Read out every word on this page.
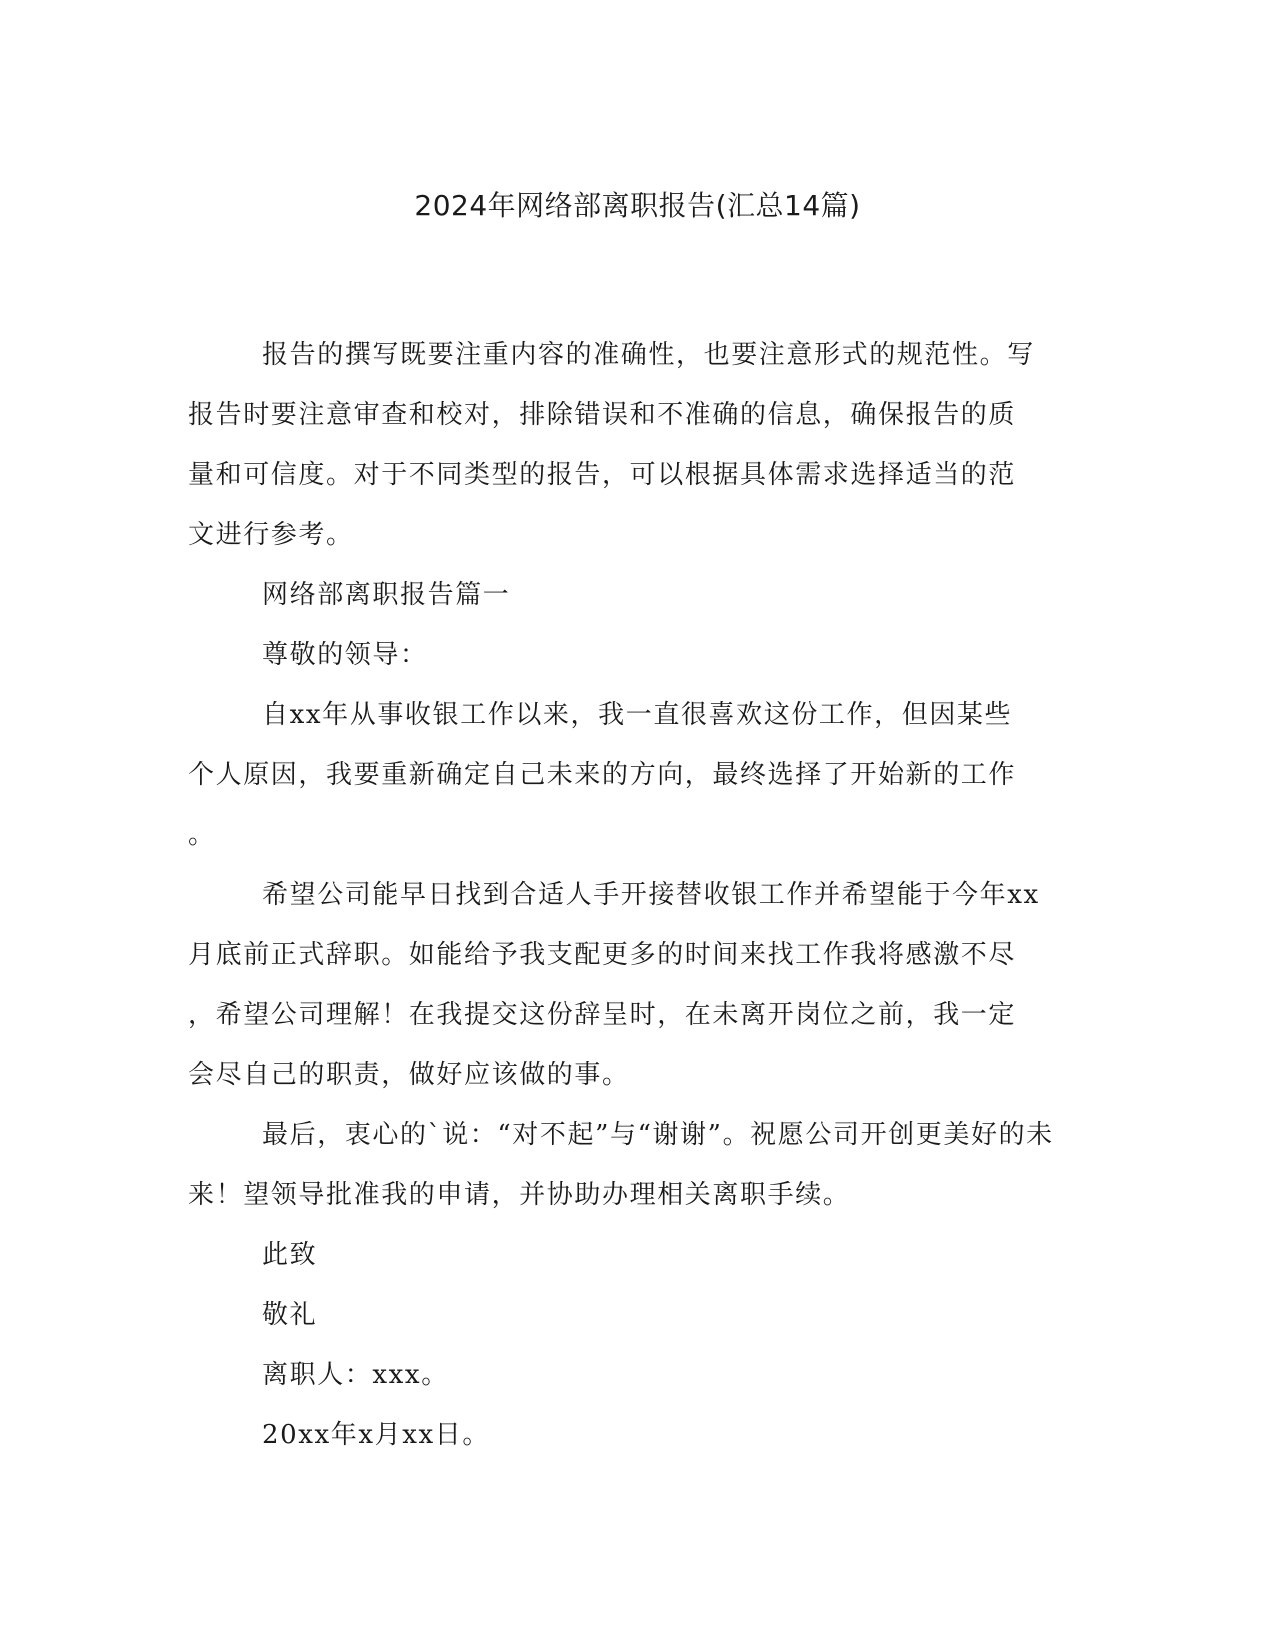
2024年网络部离职报告(汇总14篇)

报告的撰写既要注重内容的准确性，也要注意形式的规范性。写

报告时要注意审查和校对，排除错误和不准确的信息，确保报告的质

量和可信度。对于不同类型的报告，可以根据具体需求选择适当的范

文进行参考。

网络部离职报告篇一

尊敬的领导：

自xx年从事收银工作以来，我一直很喜欢这份工作，但因某些

个人原因，我要重新确定自己未来的方向，最终选择了开始新的工作

。

希望公司能早日找到合适人手开接替收银工作并希望能于今年xx

月底前正式辞职。如能给予我支配更多的时间来找工作我将感激不尽

，希望公司理解！在我提交这份辞呈时，在未离开岗位之前，我一定

会尽自己的职责，做好应该做的事。

最后，衷心的`说：“对不起”与“谢谢”。祝愿公司开创更美好的未

来！望领导批准我的申请，并协助办理相关离职手续。

此致

敬礼

离职人：xxx。

20xx年x月xx日。
